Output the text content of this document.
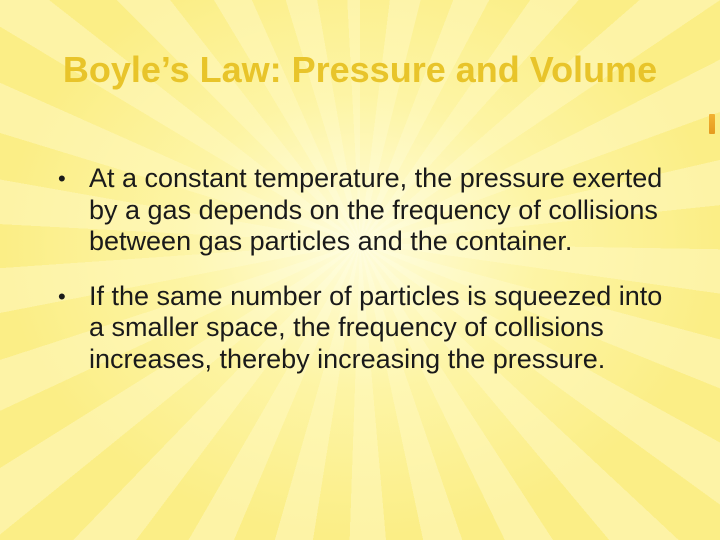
Boyle’s Law: Pressure and Volume
• At a constant temperature, the pressure exerted by a gas depends on the frequency of collisions between gas particles and the container.
• If the same number of particles is squeezed into a smaller space, the frequency of collisions increases, thereby increasing the pressure.
